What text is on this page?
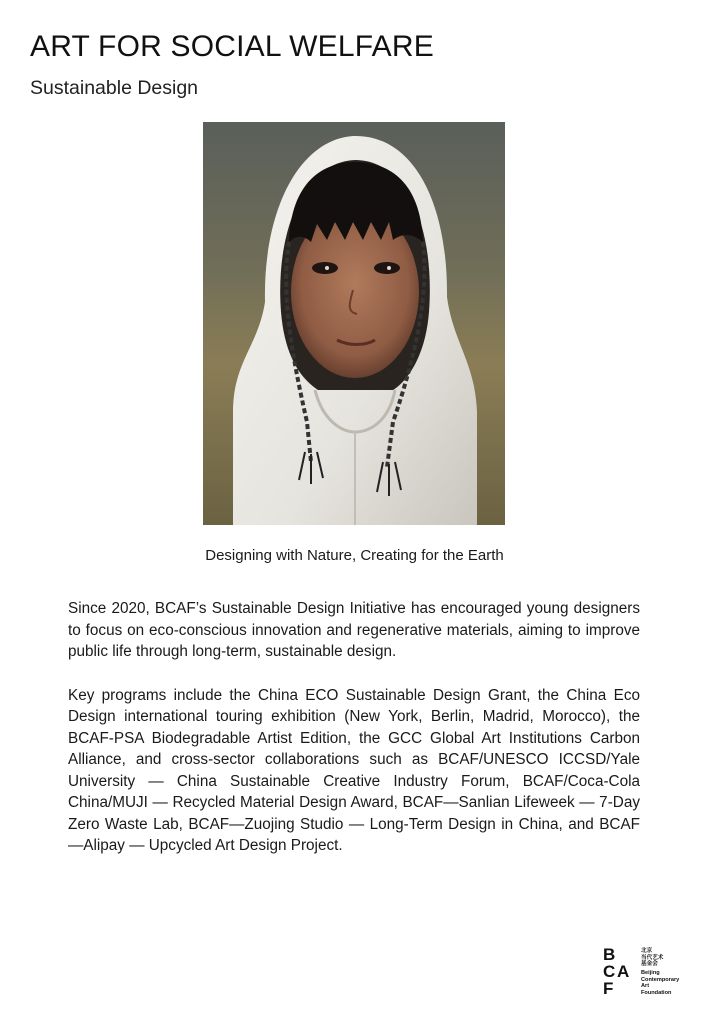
ART FOR SOCIAL WELFARE
Sustainable Design
Designing with Nature, Creating for the Earth

Since 2020, BCAF’s Sustainable Design Initiative has encouraged young designers to focus on eco-conscious innovation and regenerative materials, aiming to improve public life through long-term, sustainable design.

Key programs include the China ECO Sustainable Design Grant, the China Eco Design international touring exhibition (New York, Berlin, Madrid, Morocco), the BCAF-PSA Biodegradable Artist Edition, the GCC Global Art Institutions Carbon Alliance, and cross-sector collaborations such as BCAF/UNESCO ICCSD/Yale University — China Sustainable Creative Industry Forum, BCAF/Coca-Cola China/MUJI — Recycled Material Design Award, BCAF—Sanlian Lifeweek — 7-Day Zero Waste Lab, BCAF—Zuojing Studio — Long-Term Design in China, and BCAF—Alipay — Upcycled Art Design Project.

B
C A
F
北京
当代艺术
基金会
Beijing
Contemporary
Art
Foundation
